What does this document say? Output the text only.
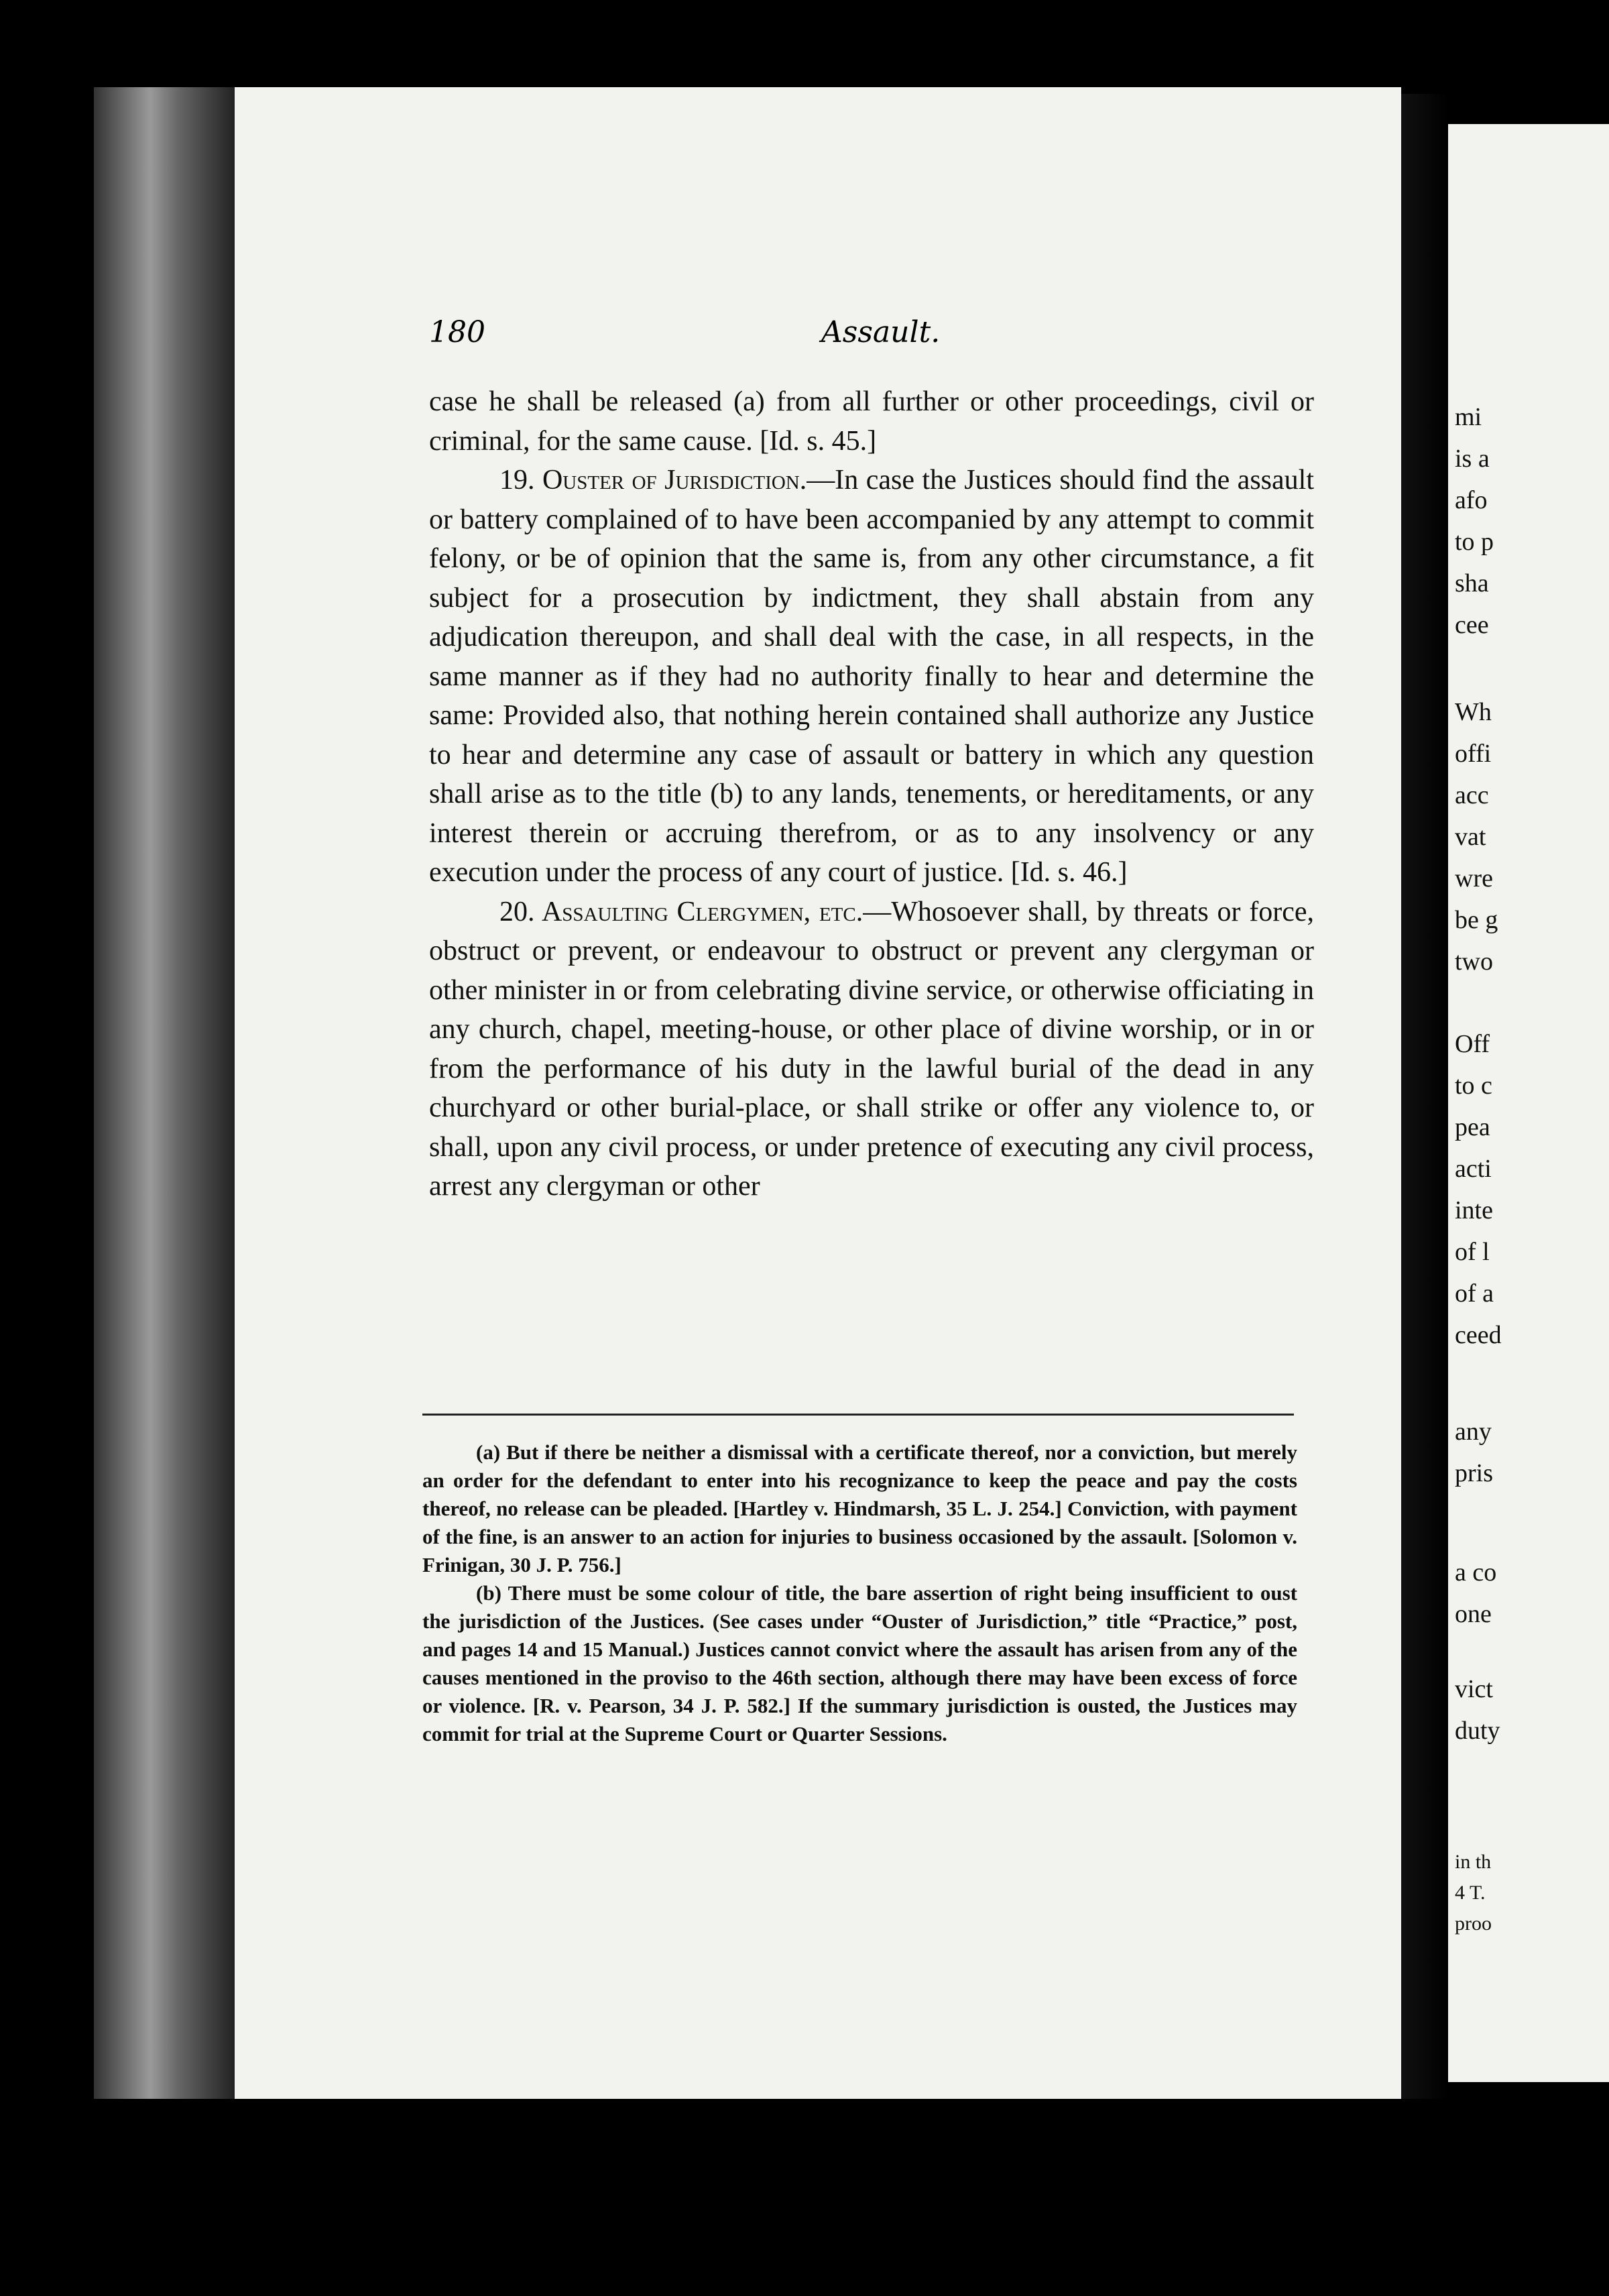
180	Assault.

case he shall be released (a) from all further or other proceedings, civil or criminal, for the same cause. [Id. s. 45.]

19. Ouster of Jurisdiction.—In case the Justices should find the assault or battery complained of to have been accompanied by any attempt to commit felony, or be of opinion that the same is, from any other circumstance, a fit subject for a prosecution by indictment, they shall abstain from any adjudication thereupon, and shall deal with the case, in all respects, in the same manner as if they had no authority finally to hear and determine the same: Provided also, that nothing herein contained shall authorize any Justice to hear and determine any case of assault or battery in which any question shall arise as to the title (b) to any lands, tenements, or hereditaments, or any interest therein or accruing therefrom, or as to any insolvency or any execution under the process of any court of justice. [Id. s. 46.]

20. Assaulting Clergymen, etc.—Whosoever shall, by threats or force, obstruct or prevent, or endeavour to obstruct or prevent any clergyman or other minister in or from celebrating divine service, or otherwise officiating in any church, chapel, meeting-house, or other place of divine worship, or in or from the performance of his duty in the lawful burial of the dead in any churchyard or other burial-place, or shall strike or offer any violence to, or shall, upon any civil process, or under pretence of executing any civil process, arrest any clergyman or other

(a) But if there be neither a dismissal with a certificate thereof, nor a conviction, but merely an order for the defendant to enter into his recognizance to keep the peace and pay the costs thereof, no release can be pleaded. [Hartley v. Hindmarsh, 35 L. J. 254.] Conviction, with payment of the fine, is an answer to an action for injuries to business occasioned by the assault. [Solomon v. Frinigan, 30 J. P. 756.]

(b) There must be some colour of title, the bare assertion of right being insufficient to oust the jurisdiction of the Justices. (See cases under “Ouster of Jurisdiction,” title “Practice,” post, and pages 14 and 15 Manual.) Justices cannot convict where the assault has arisen from any of the causes mentioned in the proviso to the 46th section, although there may have been excess of force or violence. [R. v. Pearson, 34 J. P. 582.] If the summary jurisdiction is ousted, the Justices may commit for trial at the Supreme Court or Quarter Sessions.

mi
is a
afo
to p
sha
cee
Wh
offi
acc
vat
wre
be g
two
Off
to c
pea
acti
inte
of l
of a
ceed
any
pris
a co
one
vict
duty
in th
4 T.
proo
